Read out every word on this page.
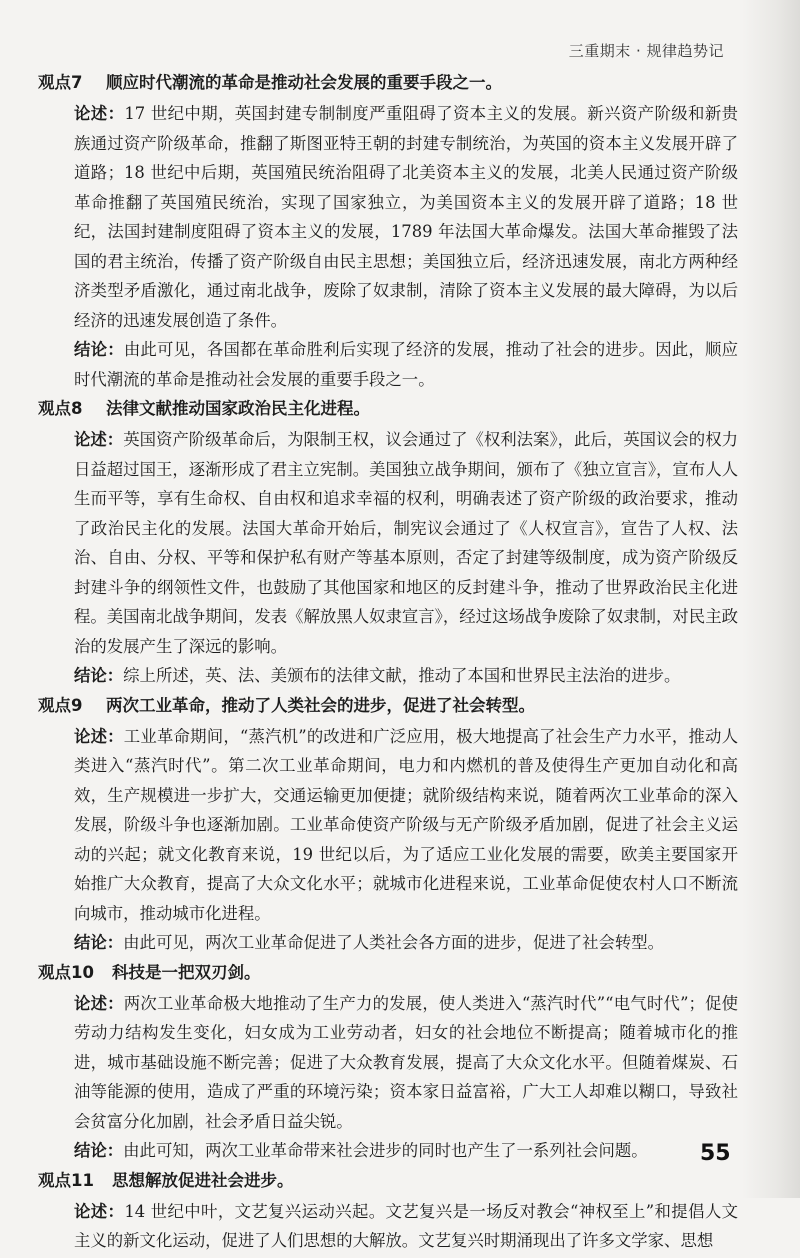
三重期末 · 规律趋势记
观点7 顺应时代潮流的革命是推动社会发展的重要手段之一。
论述：17 世纪中期，英国封建专制制度严重阻碍了资本主义的发展。新兴资产阶级和新贵族通过资产阶级革命，推翻了斯图亚特王朝的封建专制统治，为英国的资本主义发展开辟了道路；18 世纪中后期，英国殖民统治阻碍了北美资本主义的发展，北美人民通过资产阶级革命推翻了英国殖民统治，实现了国家独立，为美国资本主义的发展开辟了道路；18 世纪，法国封建制度阻碍了资本主义的发展，1789 年法国大革命爆发。法国大革命摧毁了法国的君主统治，传播了资产阶级自由民主思想；美国独立后，经济迅速发展，南北方两种经济类型矛盾激化，通过南北战争，废除了奴隶制，清除了资本主义发展的最大障碍，为以后经济的迅速发展创造了条件。
结论：由此可见，各国都在革命胜利后实现了经济的发展，推动了社会的进步。因此，顺应时代潮流的革命是推动社会发展的重要手段之一。
观点8 法律文献推动国家政治民主化进程。
论述：英国资产阶级革命后，为限制王权，议会通过了《权利法案》，此后，英国议会的权力日益超过国王，逐渐形成了君主立宪制。美国独立战争期间，颁布了《独立宣言》，宣布人人生而平等，享有生命权、自由权和追求幸福的权利，明确表述了资产阶级的政治要求，推动了政治民主化的发展。法国大革命开始后，制宪议会通过了《人权宣言》，宣告了人权、法治、自由、分权、平等和保护私有财产等基本原则，否定了封建等级制度，成为资产阶级反封建斗争的纲领性文件，也鼓励了其他国家和地区的反封建斗争，推动了世界政治民主化进程。美国南北战争期间，发表《解放黑人奴隶宣言》，经过这场战争废除了奴隶制，对民主政治的发展产生了深远的影响。
结论：综上所述，英、法、美颁布的法律文献，推动了本国和世界民主法治的进步。
观点9 两次工业革命，推动了人类社会的进步，促进了社会转型。
论述：工业革命期间，“蒸汽机”的改进和广泛应用，极大地提高了社会生产力水平，推动人类进入“蒸汽时代”。第二次工业革命期间，电力和内燃机的普及使得生产更加自动化和高效，生产规模进一步扩大，交通运输更加便捷；就阶级结构来说，随着两次工业革命的深入发展，阶级斗争也逐渐加剧。工业革命使资产阶级与无产阶级矛盾加剧，促进了社会主义运动的兴起；就文化教育来说，19 世纪以后，为了适应工业化发展的需要，欧美主要国家开始推广大众教育，提高了大众文化水平；就城市化进程来说，工业革命促使农村人口不断流向城市，推动城市化进程。
结论：由此可见，两次工业革命促进了人类社会各方面的进步，促进了社会转型。
观点10 科技是一把双刃剑。
论述：两次工业革命极大地推动了生产力的发展，使人类进入“蒸汽时代”“电气时代”；促使劳动力结构发生变化，妇女成为工业劳动者，妇女的社会地位不断提高；随着城市化的推进，城市基础设施不断完善；促进了大众教育发展，提高了大众文化水平。但随着煤炭、石油等能源的使用，造成了严重的环境污染；资本家日益富裕，广大工人却难以糊口，导致社会贫富分化加剧，社会矛盾日益尖锐。
结论：由此可知，两次工业革命带来社会进步的同时也产生了一系列社会问题。
观点11 思想解放促进社会进步。
论述：14 世纪中叶，文艺复兴运动兴起。文艺复兴是一场反对教会“神权至上”和提倡人文主义的新文化运动，促进了人们思想的大解放。文艺复兴时期涌现出了许多文学家、思想
55
